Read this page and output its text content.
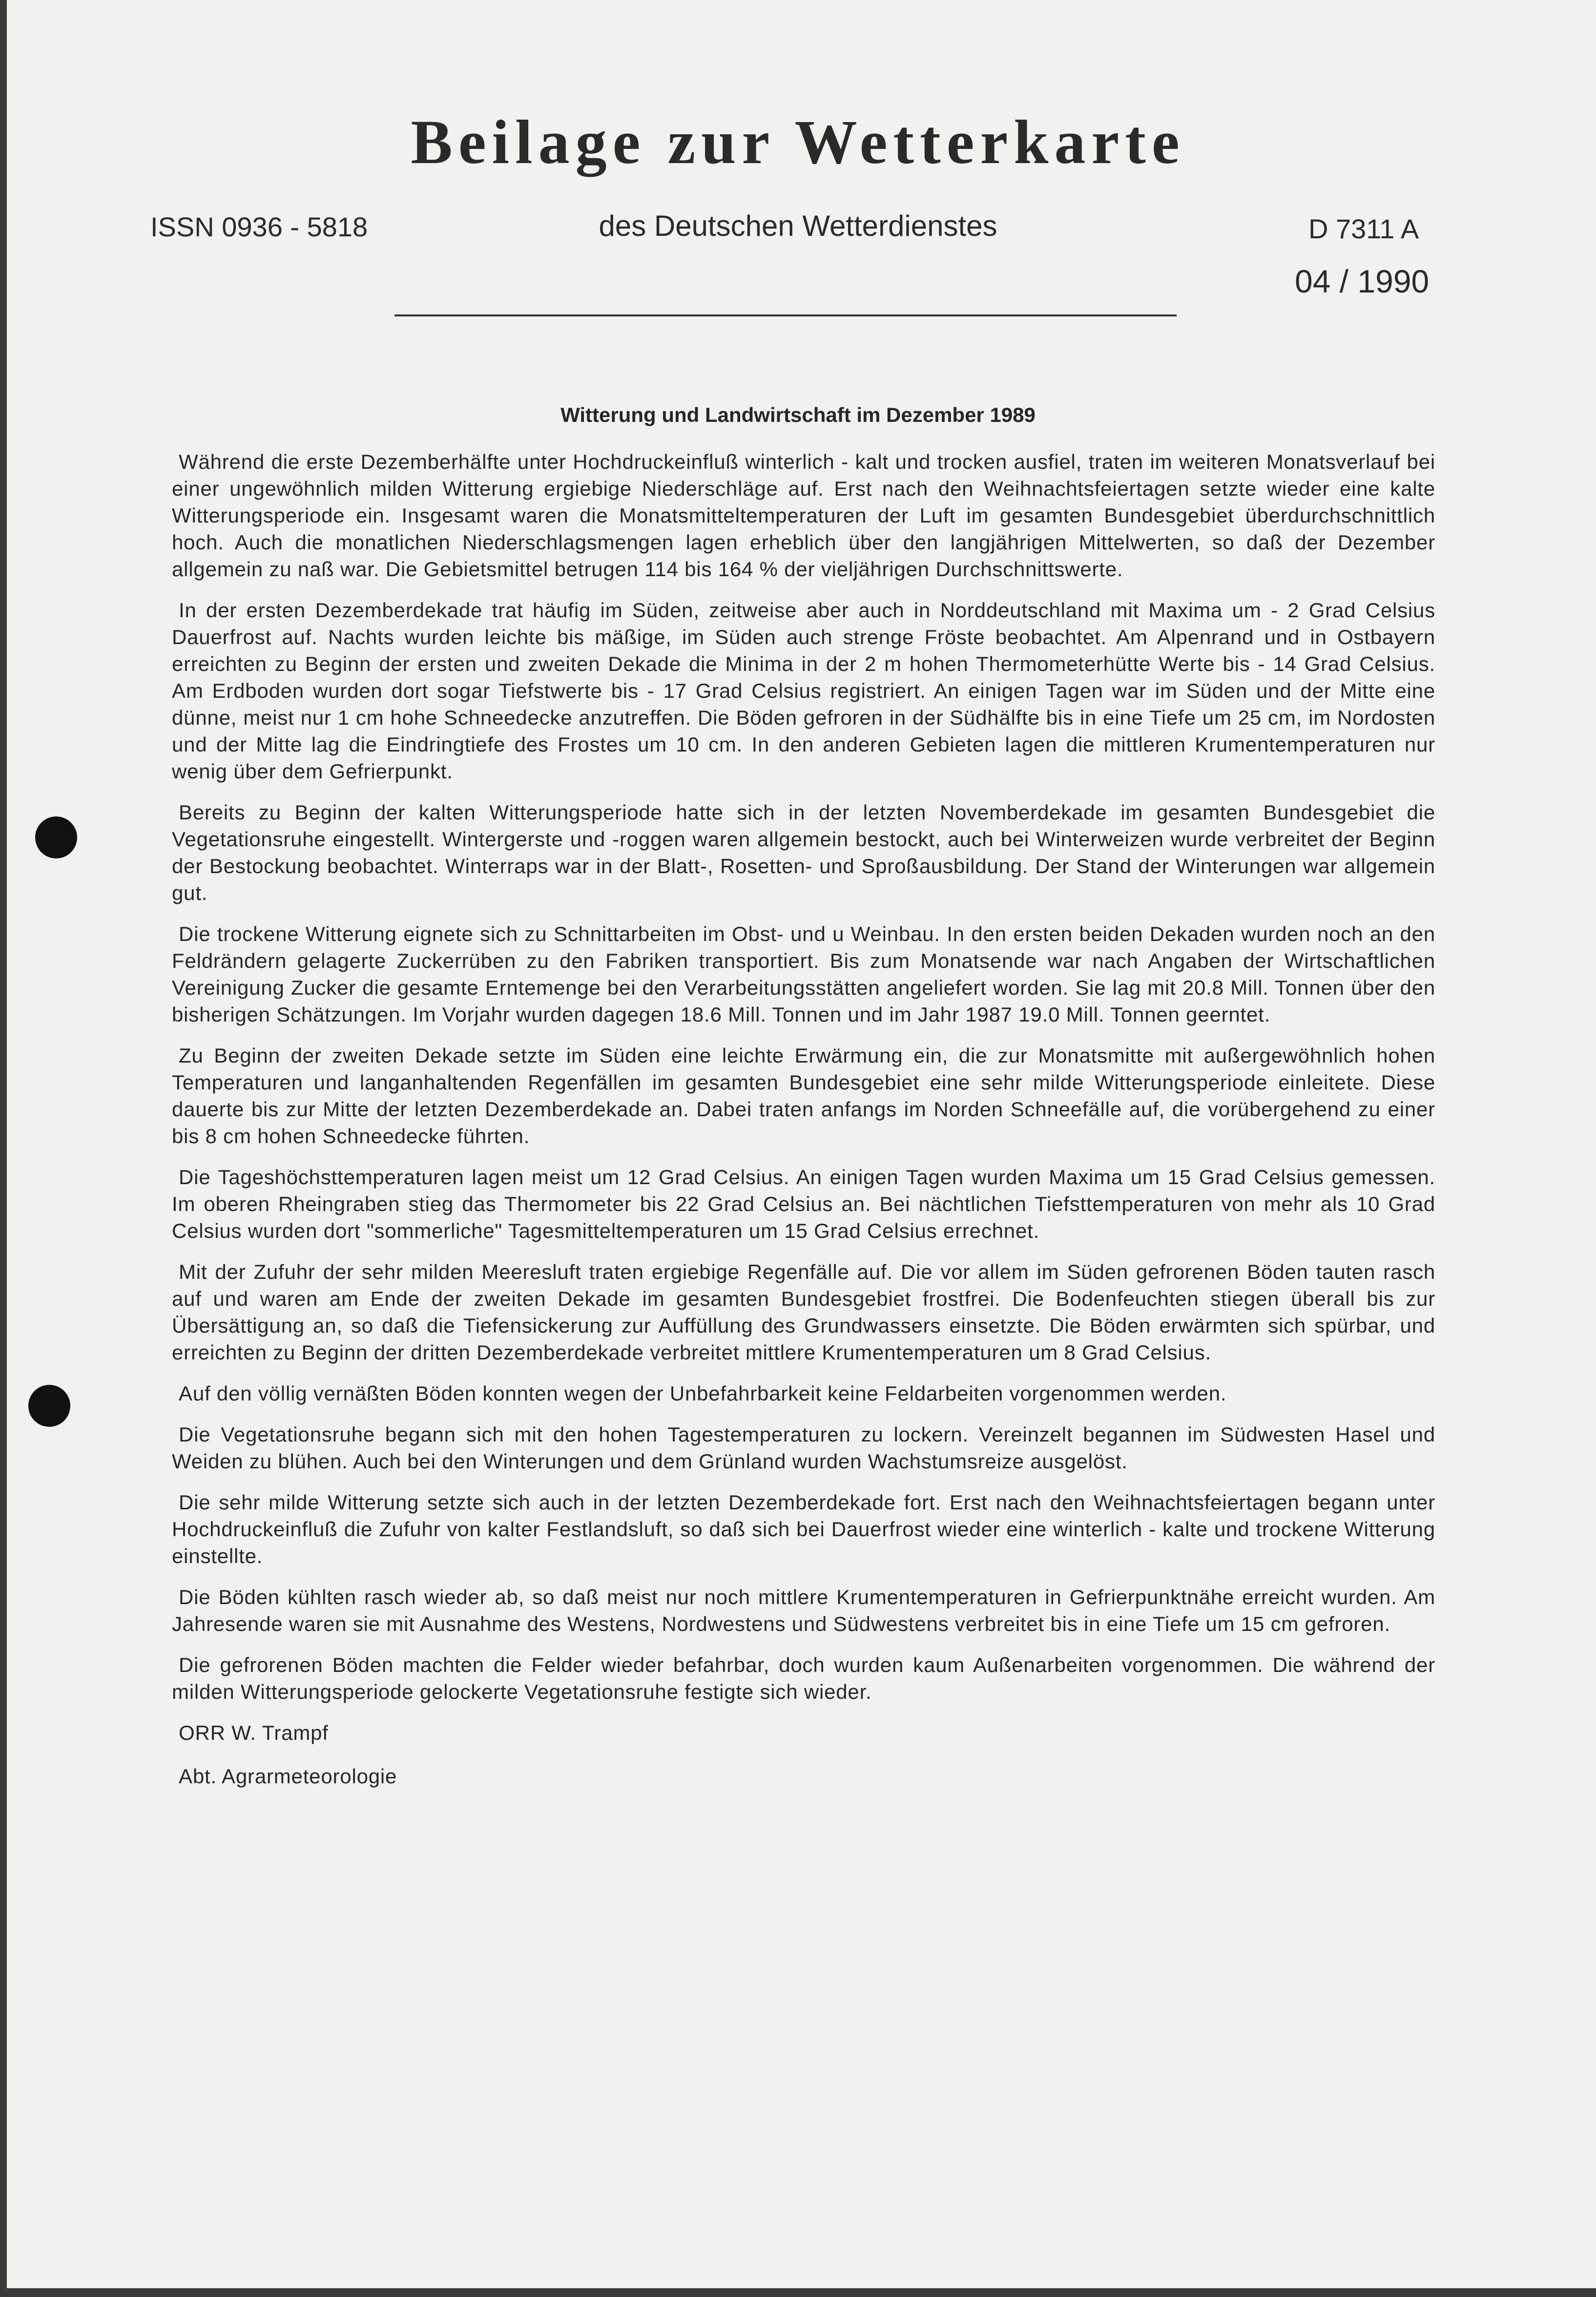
Beilage zur Wetterkarte
ISSN 0936 - 5818	des Deutschen Wetterdienstes	D 7311 A
04 / 1990
Witterung und Landwirtschaft im Dezember 1989

Während die erste Dezemberhälfte unter Hochdruckeinfluß winterlich - kalt und trocken ausfiel, traten im weiteren Monatsverlauf bei einer ungewöhnlich milden Witterung ergiebige Niederschläge auf. Erst nach den Weihnachtsfeiertagen setzte wieder eine kalte Witterungsperiode ein. Insgesamt waren die Monatsmitteltemperaturen der Luft im gesamten Bundesgebiet überdurchschnittlich hoch. Auch die monatlichen Niederschlagsmengen lagen erheblich über den langjährigen Mittelwerten, so daß der Dezember allgemein zu naß war. Die Gebietsmittel betrugen 114 bis 164 % der vieljährigen Durchschnittswerte.

In der ersten Dezemberdekade trat häufig im Süden, zeitweise aber auch in Norddeutschland mit Maxima um - 2 Grad Celsius Dauerfrost auf. Nachts wurden leichte bis mäßige, im Süden auch strenge Fröste beobachtet. Am Alpenrand und in Ostbayern erreichten zu Beginn der ersten und zweiten Dekade die Minima in der 2 m hohen Thermometerhütte Werte bis - 14 Grad Celsius. Am Erdboden wurden dort sogar Tiefstwerte bis - 17 Grad Celsius registriert. An einigen Tagen war im Süden und der Mitte eine dünne, meist nur 1 cm hohe Schneedecke anzutreffen. Die Böden gefroren in der Südhälfte bis in eine Tiefe um 25 cm, im Nordosten und der Mitte lag die Eindringtiefe des Frostes um 10 cm. In den anderen Gebieten lagen die mittleren Krumentemperaturen nur wenig über dem Gefrierpunkt.

Bereits zu Beginn der kalten Witterungsperiode hatte sich in der letzten Novemberdekade im gesamten Bundesgebiet die Vegetationsruhe eingestellt. Wintergerste und -roggen waren allgemein bestockt, auch bei Winterweizen wurde verbreitet der Beginn der Bestockung beobachtet. Winterraps war in der Blatt-, Rosetten- und Sproßausbildung. Der Stand der Winterungen war allgemein gut.

Die trockene Witterung eignete sich zu Schnittarbeiten im Obst- und u Weinbau. In den ersten beiden Dekaden wurden noch an den Feldrändern gelagerte Zuckerrüben zu den Fabriken transportiert. Bis zum Monatsende war nach Angaben der Wirtschaftlichen Vereinigung Zucker die gesamte Erntemenge bei den Verarbeitungsstätten angeliefert worden. Sie lag mit 20.8 Mill. Tonnen über den bisherigen Schätzungen. Im Vorjahr wurden dagegen 18.6 Mill. Tonnen und im Jahr 1987 19.0 Mill. Tonnen geerntet.

Zu Beginn der zweiten Dekade setzte im Süden eine leichte Erwärmung ein, die zur Monatsmitte mit außergewöhnlich hohen Temperaturen und langanhaltenden Regenfällen im gesamten Bundesgebiet eine sehr milde Witterungsperiode einleitete. Diese dauerte bis zur Mitte der letzten Dezemberdekade an. Dabei traten anfangs im Norden Schneefälle auf, die vorübergehend zu einer bis 8 cm hohen Schneedecke führten.

Die Tageshöchsttemperaturen lagen meist um 12 Grad Celsius. An einigen Tagen wurden Maxima um 15 Grad Celsius gemessen. Im oberen Rheingraben stieg das Thermometer bis 22 Grad Celsius an. Bei nächtlichen Tiefsttemperaturen von mehr als 10 Grad Celsius wurden dort "sommerliche" Tagesmitteltemperaturen um 15 Grad Celsius errechnet.

Mit der Zufuhr der sehr milden Meeresluft traten ergiebige Regenfälle auf. Die vor allem im Süden gefrorenen Böden tauten rasch auf und waren am Ende der zweiten Dekade im gesamten Bundesgebiet frostfrei. Die Bodenfeuchten stiegen überall bis zur Übersättigung an, so daß die Tiefensickerung zur Auffüllung des Grundwassers einsetzte. Die Böden erwärmten sich spürbar, und erreichten zu Beginn der dritten Dezemberdekade verbreitet mittlere Krumentemperaturen um 8 Grad Celsius.

Auf den völlig vernäßten Böden konnten wegen der Unbefahrbarkeit keine Feldarbeiten vorgenommen werden.

Die Vegetationsruhe begann sich mit den hohen Tagestemperaturen zu lockern. Vereinzelt begannen im Südwesten Hasel und Weiden zu blühen. Auch bei den Winterungen und dem Grünland wurden Wachstumsreize ausgelöst.

Die sehr milde Witterung setzte sich auch in der letzten Dezemberdekade fort. Erst nach den Weihnachtsfeiertagen begann unter Hochdruckeinfluß die Zufuhr von kalter Festlandsluft, so daß sich bei Dauerfrost wieder eine winterlich - kalte und trockene Witterung einstellte.

Die Böden kühlten rasch wieder ab, so daß meist nur noch mittlere Krumentemperaturen in Gefrierpunktnähe erreicht wurden. Am Jahresende waren sie mit Ausnahme des Westens, Nordwestens und Südwestens verbreitet bis in eine Tiefe um 15 cm gefroren.

Die gefrorenen Böden machten die Felder wieder befahrbar, doch wurden kaum Außenarbeiten vorgenommen. Die während der milden Witterungsperiode gelockerte Vegetationsruhe festigte sich wieder.

ORR W. Trampf

Abt. Agrarmeteorologie
